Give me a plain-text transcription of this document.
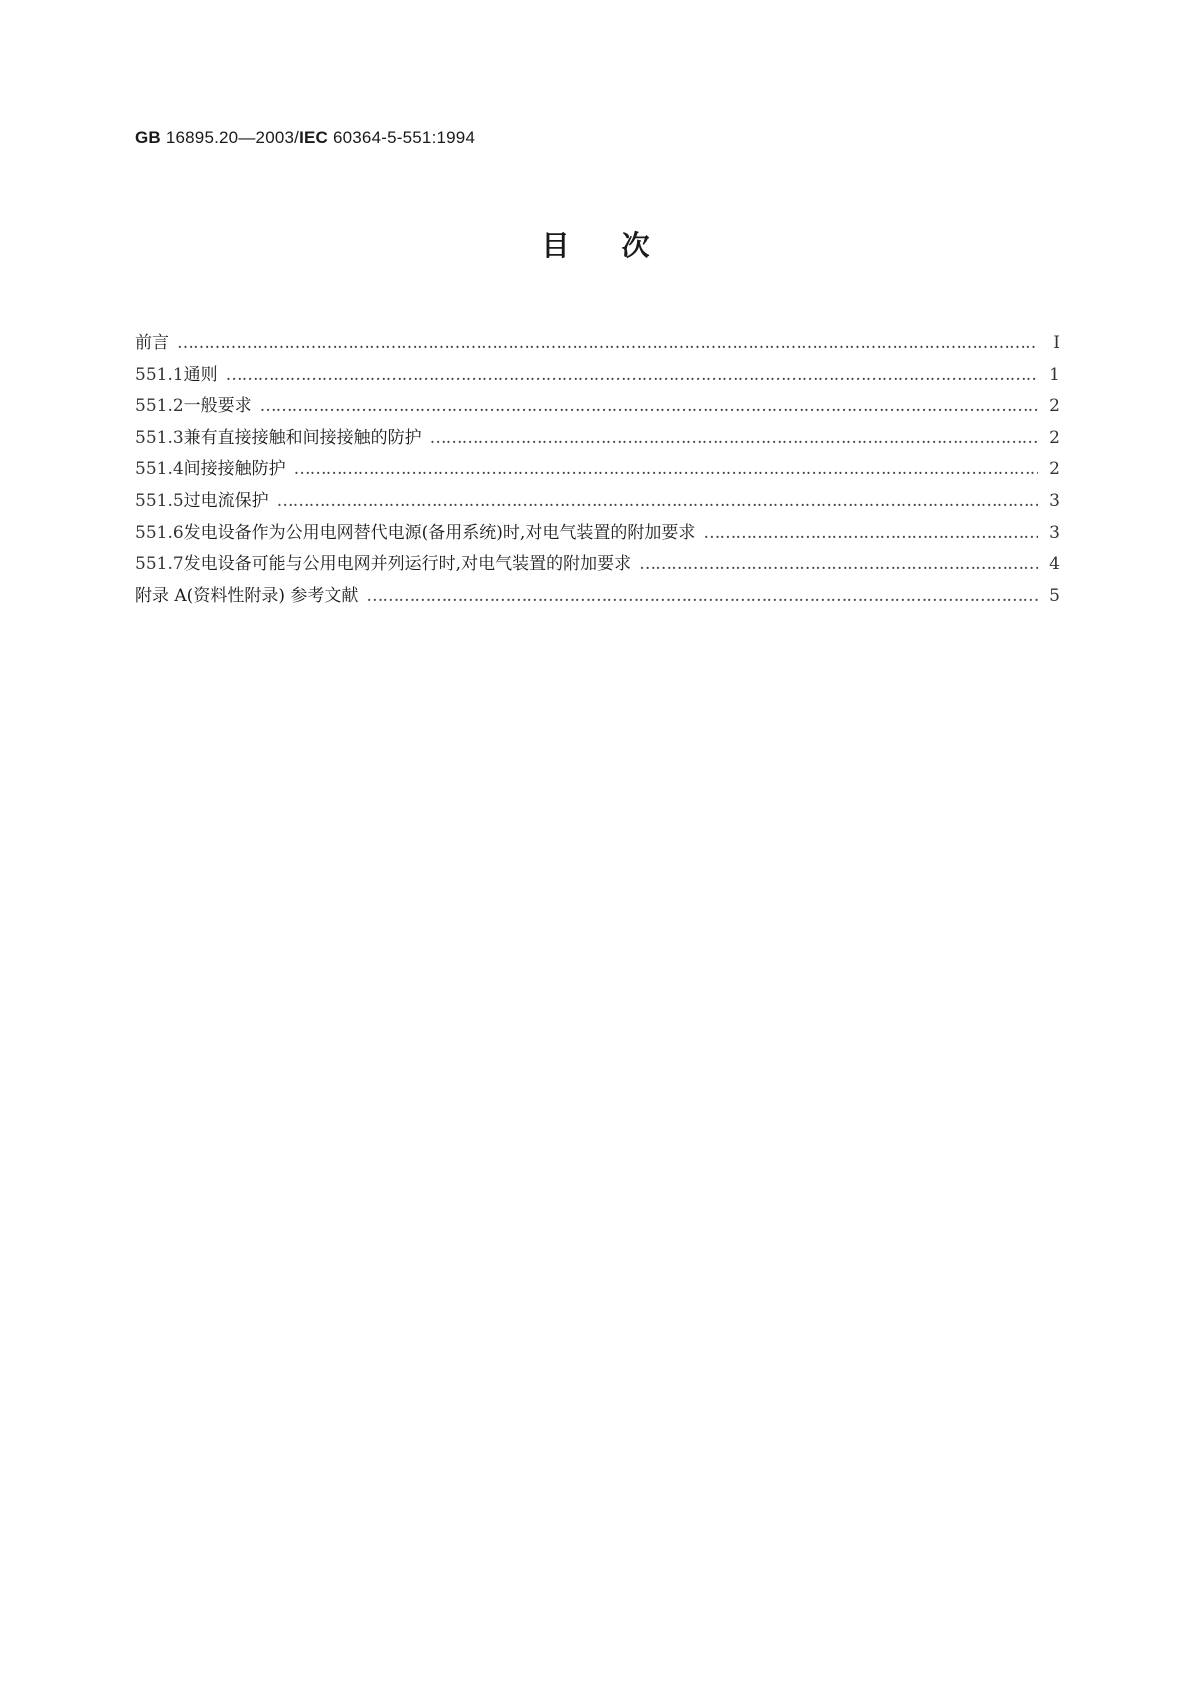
GB 16895.20—2003/IEC 60364-5-551:1994
目次
前言 ……………………………………………………………………………………………………………………………………………………………………………………………………………………………………	I
551.1 通则 ……………………………………………………………………………………………………………………………………………………………………………………………………………………………………	1
551.2 一般要求 ……………………………………………………………………………………………………………………………………………………………………………………………………………………………………	2
551.3 兼有直接接触和间接接触的防护 ……………………………………………………………………………………………………………………………………………………………………………………………………………………………………	2
551.4 间接接触防护 ……………………………………………………………………………………………………………………………………………………………………………………………………………………………………	2
551.5 过电流保护 ……………………………………………………………………………………………………………………………………………………………………………………………………………………………………	3
551.6 发电设备作为公用电网替代电源(备用系统)时,对电气装置的附加要求 ……………………………………………………………………………………………………………………………………………………………………………………………………………………………………	3
551.7 发电设备可能与公用电网并列运行时,对电气装置的附加要求 ……………………………………………………………………………………………………………………………………………………………………………………………………………………………………	4
附录 A(资料性附录) 参考文献 ……………………………………………………………………………………………………………………………………………………………………………………………………………………………………	5
